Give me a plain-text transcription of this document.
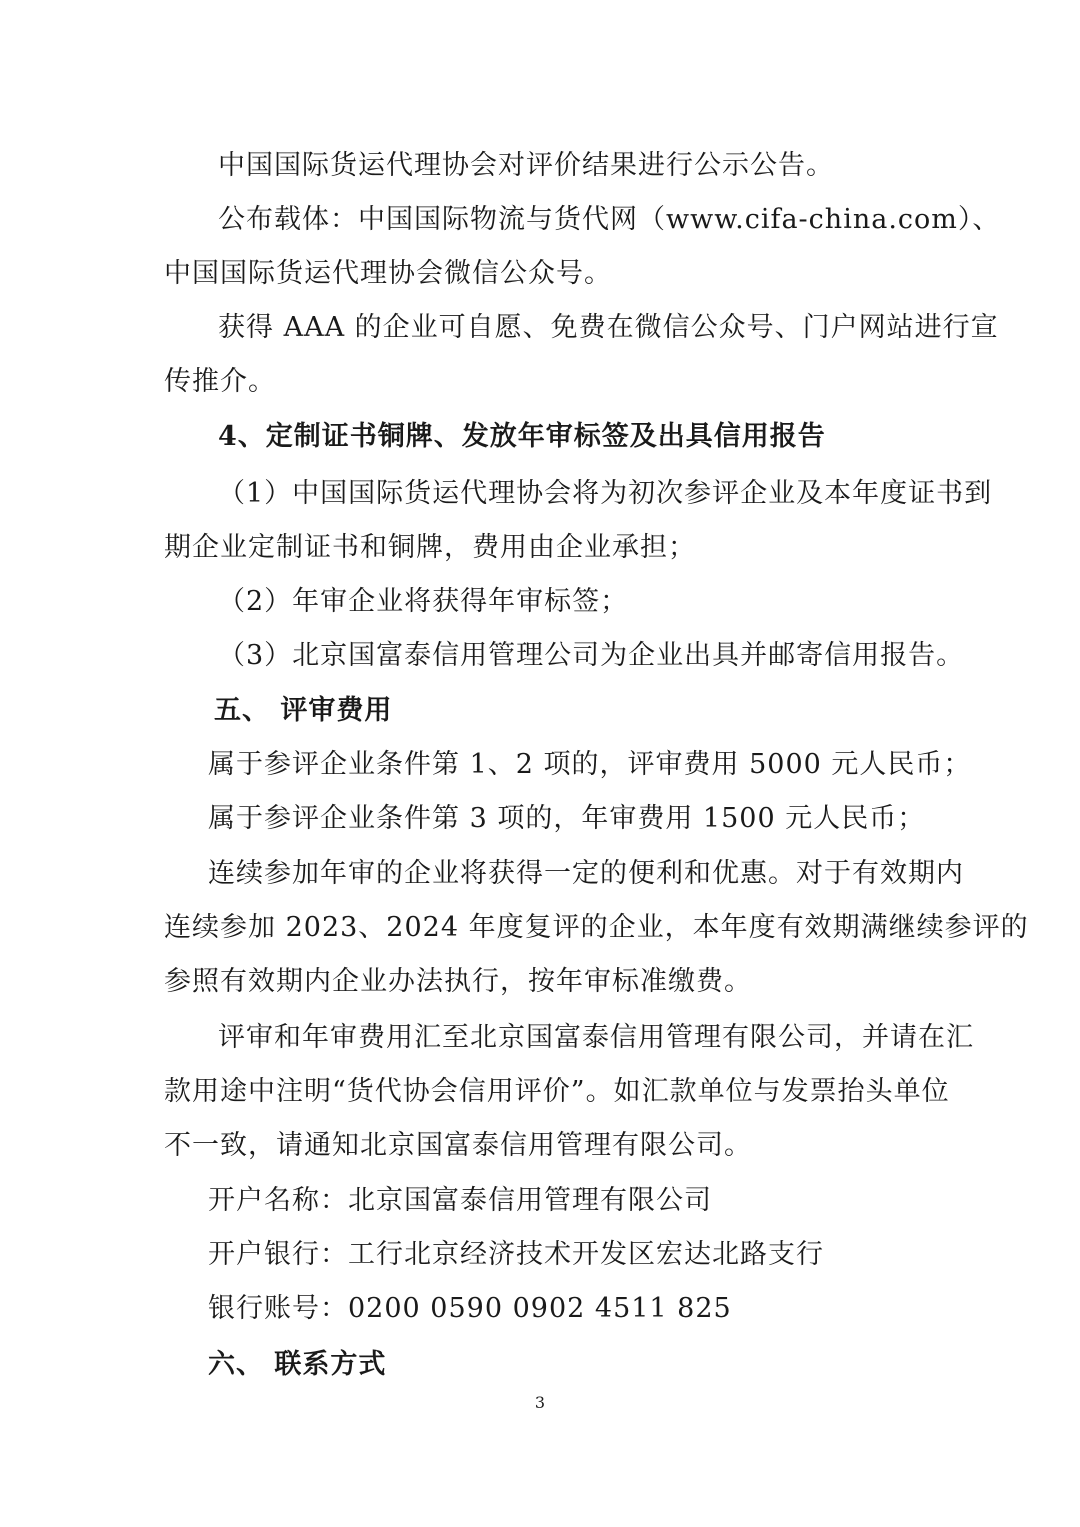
中国国际货运代理协会对评价结果进行公示公告。
公布载体：中国国际物流与货代网（www.cifa-china.com）、
中国国际货运代理协会微信公众号。
获得 AAA 的企业可自愿、免费在微信公众号、门户网站进行宣
传推介。
4、定制证书铜牌、发放年审标签及出具信用报告
（1）中国国际货运代理协会将为初次参评企业及本年度证书到
期企业定制证书和铜牌，费用由企业承担；
（2）年审企业将获得年审标签；
（3）北京国富泰信用管理公司为企业出具并邮寄信用报告。
五、 评审费用
属于参评企业条件第 1、2 项的，评审费用 5000 元人民币；
属于参评企业条件第 3 项的，年审费用 1500 元人民币；
连续参加年审的企业将获得一定的便利和优惠。对于有效期内
连续参加 2023、2024 年度复评的企业，本年度有效期满继续参评的
参照有效期内企业办法执行，按年审标准缴费。
评审和年审费用汇至北京国富泰信用管理有限公司，并请在汇
款用途中注明“货代协会信用评价”。如汇款单位与发票抬头单位
不一致，请通知北京国富泰信用管理有限公司。
开户名称：北京国富泰信用管理有限公司
开户银行：工行北京经济技术开发区宏达北路支行
银行账号：0200 0590 0902 4511 825
六、 联系方式
3
